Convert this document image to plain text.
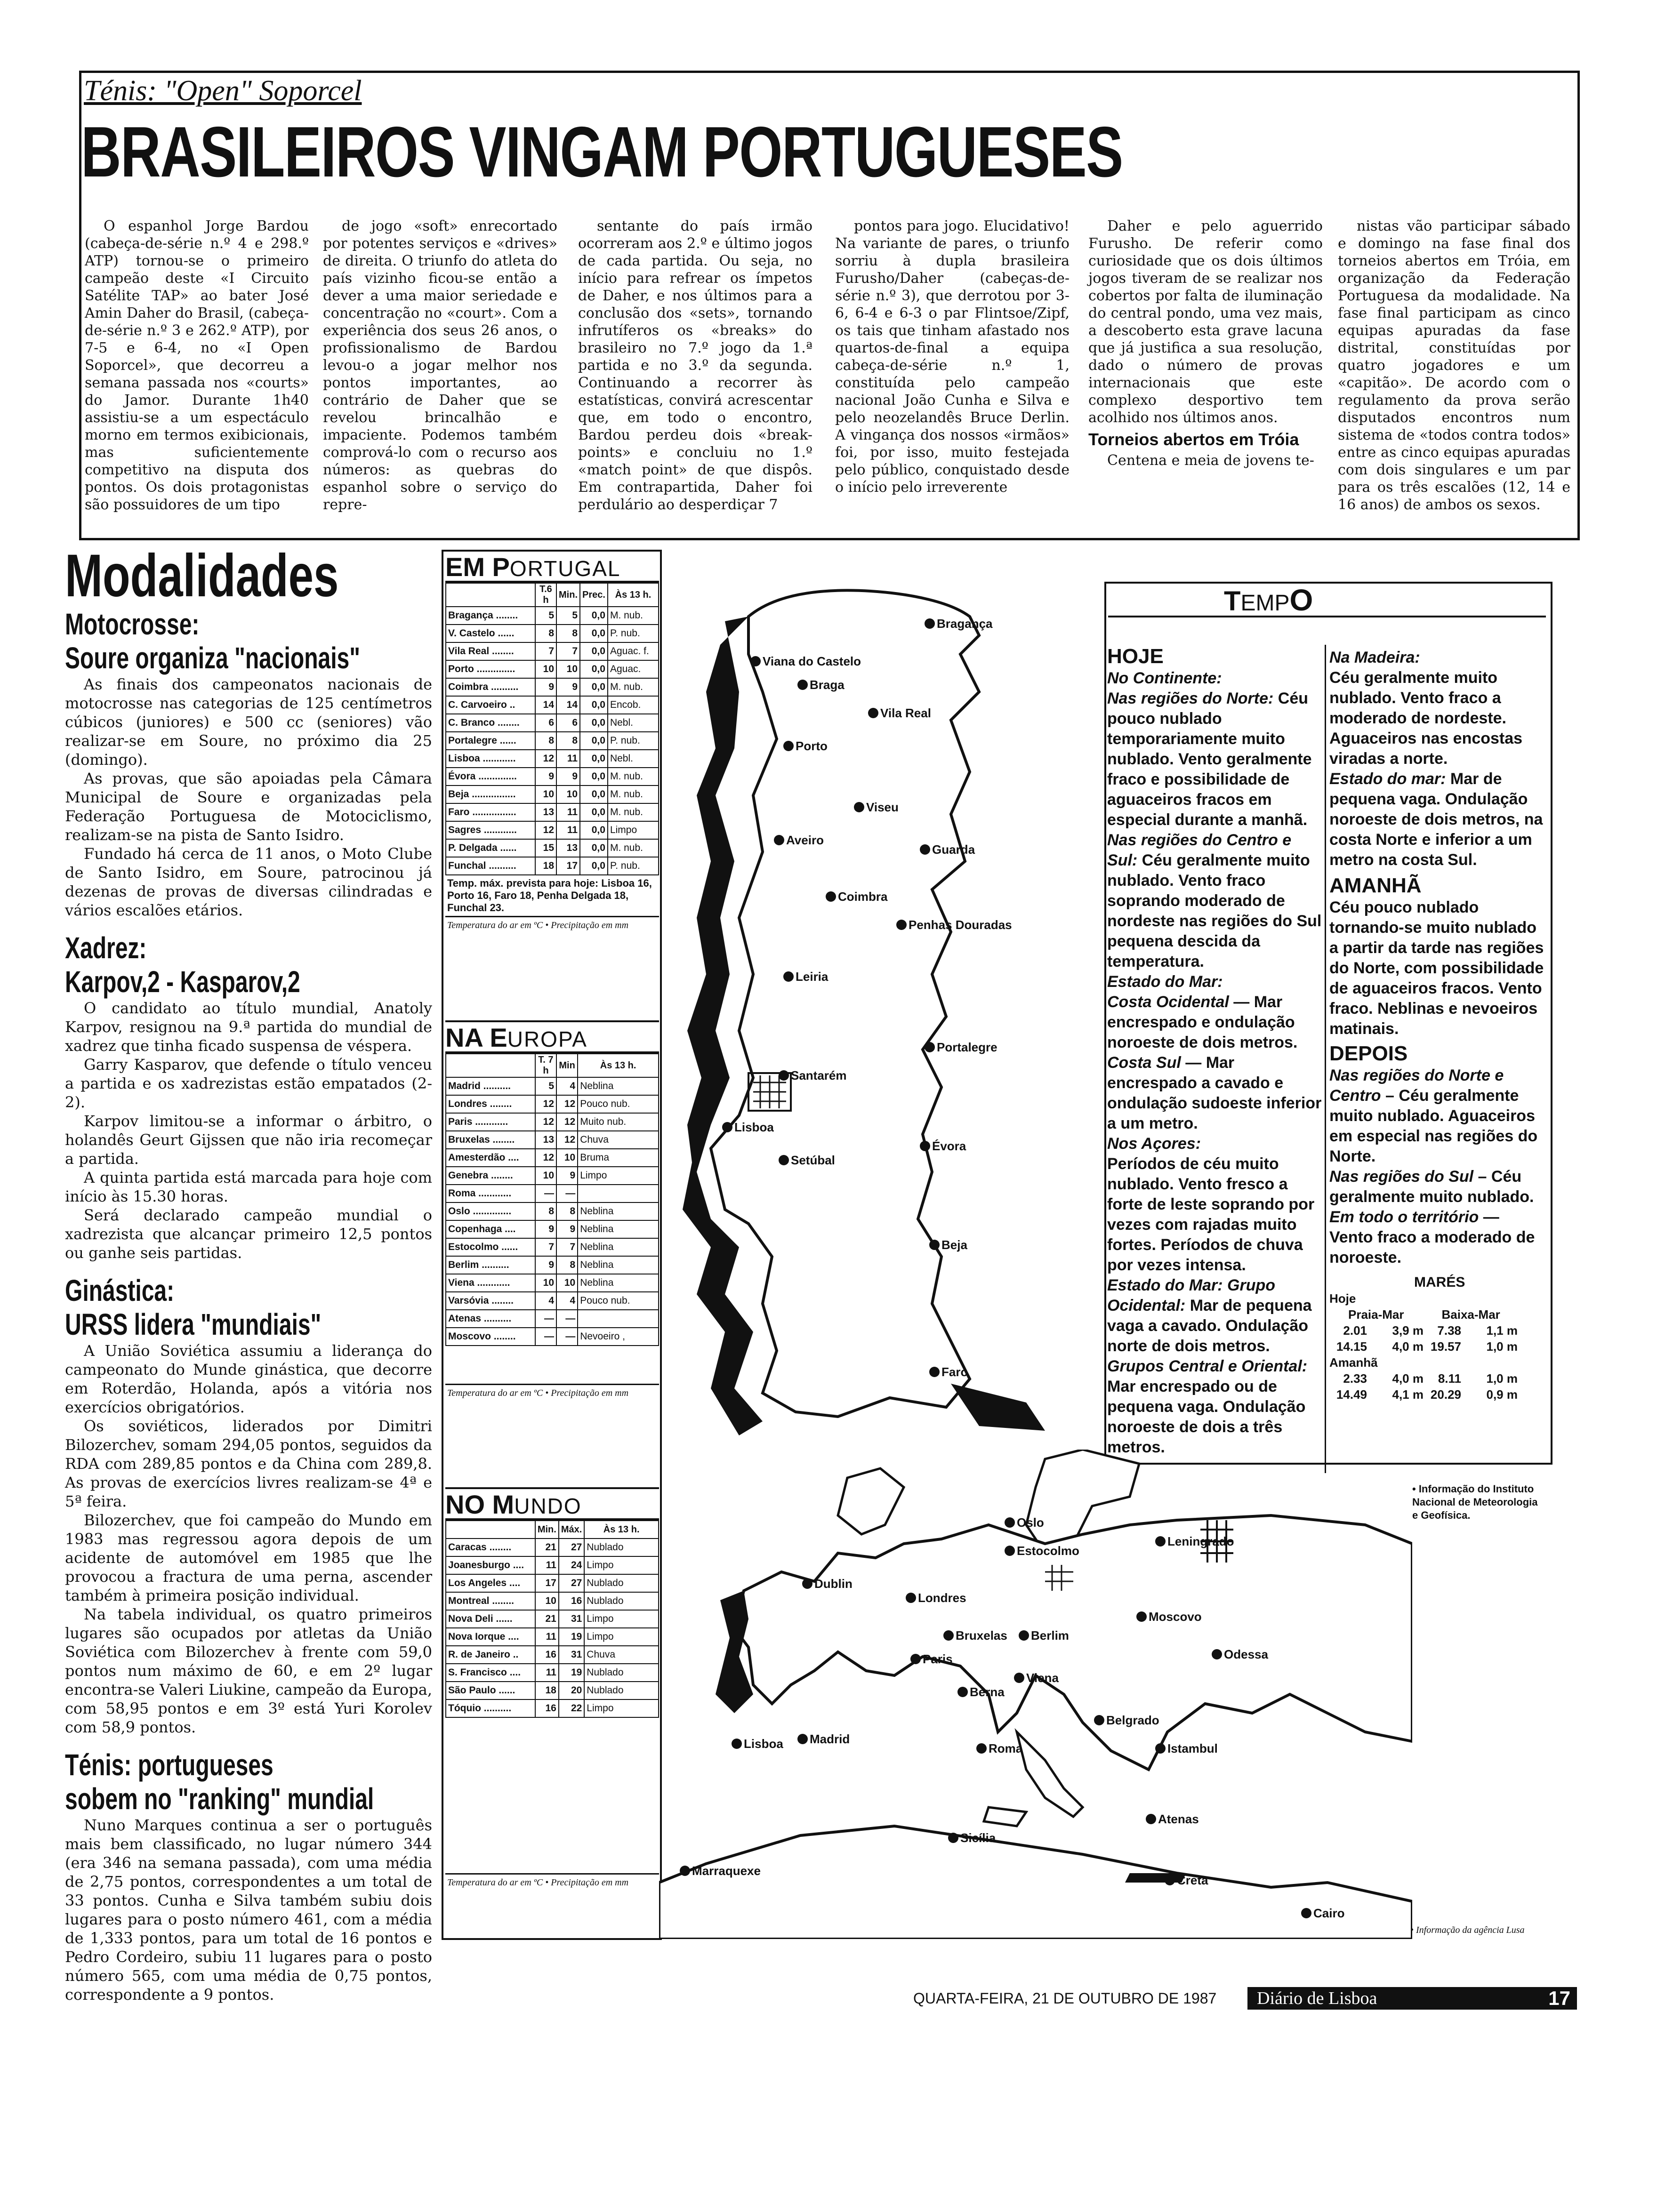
Ténis: "Open" Soporcel
BRASILEIROS VINGAM PORTUGUESES

O espanhol Jorge Bardou (cabeça-de-série n.º 4 e 298.º ATP) tornou-se o primeiro campeão deste «I Circuito Satélite TAP» ao bater José Amin Daher do Brasil, (cabeça-de-série n.º 3 e 262.º ATP), por 7-5 e 6-4, no «I Open Soporcel», que decorreu a semana passada nos «courts» do Jamor. Durante 1h40 assistiu-se a um espectáculo morno em termos exibicionais, mas suficientemente competitivo na disputa dos pontos. Os dois protagonistas são possuidores de um tipo

de jogo «soft» enrecortado por potentes serviços e «drives» de direita. O triunfo do atleta do país vizinho ficou-se então a dever a uma maior seriedade e concentração no «court». Com a experiência dos seus 26 anos, o profissionalismo de Bardou levou-o a jogar melhor nos pontos importantes, ao contrário de Daher que se revelou brincalhão e impaciente. Podemos também comprová-lo com o recurso aos números: as quebras do espanhol sobre o serviço do repre-

sentante do país irmão ocorreram aos 2.º e último jogos de cada partida. Ou seja, no início para refrear os ímpetos de Daher, e nos últimos para a conclusão dos «sets», tornando infrutíferos os «breaks» do brasileiro no 7.º jogo da 1.ª partida e no 3.º da segunda. Continuando a recorrer às estatísticas, convirá acrescentar que, em todo o encontro, Bardou perdeu dois «break-points» e concluiu no 1.º «match point» de que dispôs. Em contrapartida, Daher foi perdulário ao desperdiçar 7

pontos para jogo. Elucidativo! Na variante de pares, o triunfo sorriu à dupla brasileira Furusho/Daher (cabeças-de-série n.º 3), que derrotou por 3-6, 6-4 e 6-3 o par Flintsoe/Zipf, os tais que tinham afastado nos quartos-de-final a equipa cabeça-de-série n.º 1, constituída pelo campeão nacional João Cunha e Silva e pelo neozelandês Bruce Derlin. A vingança dos nossos «irmãos» foi, por isso, muito festejada pelo público, conquistado desde o início pelo irreverente

Daher e pelo aguerrido Furusho. De referir como curiosidade que os dois últimos jogos tiveram de se realizar nos cobertos por falta de iluminação do central pondo, uma vez mais, a descoberto esta grave lacuna que já justifica a sua resolução, dado o número de provas internacionais que este complexo desportivo tem acolhido nos últimos anos.

Torneios abertos em Tróia

Centena e meia de jovens te-

nistas vão participar sábado e domingo na fase final dos torneios abertos em Tróia, em organização da Federação Portuguesa da modalidade. Na fase final participam as cinco equipas apuradas da fase distrital, constituídas por quatro jogadores e um «capitão». De acordo com o regulamento da prova serão disputados encontros num sistema de «todos contra todos» entre as cinco equipas apuradas com dois singulares e um par para os três escalões (12, 14 e 16 anos) de ambos os sexos.

Modalidades
Motocrosse:
Soure organiza "nacionais"

As finais dos campeonatos nacionais de motocrosse nas categorias de 125 centímetros cúbicos (juniores) e 500 cc (seniores) vão realizar-se em Soure, no próximo dia 25 (domingo).

As provas, que são apoiadas pela Câmara Municipal de Soure e organizadas pela Federação Portuguesa de Motociclismo, realizam-se na pista de Santo Isidro.

Fundado há cerca de 11 anos, o Moto Clube de Santo Isidro, em Soure, patrocinou já dezenas de provas de diversas cilindradas e vários escalões etários.

Xadrez:
Karpov,2 - Kasparov,2

O candidato ao título mundial, Anatoly Karpov, resignou na 9.ª partida do mundial de xadrez que tinha ficado suspensa de véspera.

Garry Kasparov, que defende o título venceu a partida e os xadrezistas estão empatados (2-2).

Karpov limitou-se a informar o árbitro, o holandês Geurt Gijssen que não iria recomeçar a partida.

A quinta partida está marcada para hoje com início às 15.30 horas.

Será declarado campeão mundial o xadrezista que alcançar primeiro 12,5 pontos ou ganhe seis partidas.

Ginástica:
URSS lidera "mundiais"

A União Soviética assumiu a liderança do campeonato do Munde ginástica, que decorre em Roterdão, Holanda, após a vitória nos exercícios obrigatórios.

Os soviéticos, liderados por Dimitri Bilozerchev, somam 294,05 pontos, seguidos da RDA com 289,85 pontos e da China com 289,8. As provas de exercícios livres realizam-se 4ª e 5ª feira.

Bilozerchev, que foi campeão do Mundo em 1983 mas regressou agora depois de um acidente de automóvel em 1985 que lhe provocou a fractura de uma perna, ascender também à primeira posição individual.

Na tabela individual, os quatro primeiros lugares são ocupados por atletas da União Soviética com Bilozerchev à frente com 59,0 pontos num máximo de 60, e em 2º lugar encontra-se Valeri Liukine, campeão da Europa, com 58,95 pontos e em 3º está Yuri Korolev com 58,9 pontos.

Ténis: portugueses
sobem no "ranking" mundial

Nuno Marques continua a ser o português mais bem classificado, no lugar número 344 (era 346 na semana passada), com uma média de 2,75 pontos, correspondentes a um total de 33 pontos. Cunha e Silva também subiu dois lugares para o posto número 461, com a média de 1,333 pontos, para um total de 16 pontos e Pedro Cordeiro, subiu 11 lugares para o posto número 565, com uma média de 0,75 pontos, correspondente a 9 pontos.

EM PORTUGAL
	T.6 h	Min.	Prec.	Às 13 h.
Bragança ........	5	5	0,0	M. nub.
V. Castelo ......	8	8	0,0	P. nub.
Vila Real ........	7	7	0,0	Aguac. f.
Porto ..............	10	10	0,0	Aguac.
Coimbra ..........	9	9	0,0	M. nub.
C. Carvoeiro ..	14	14	0,0	Encob.
C. Branco ........	6	6	0,0	Nebl.
Portalegre ......	8	8	0,0	P. nub.
Lisboa ............	12	11	0,0	Nebl.
Évora ..............	9	9	0,0	M. nub.
Beja ................	10	10	0,0	M. nub.
Faro ................	13	11	0,0	M. nub.
Sagres ............	12	11	0,0	Limpo
P. Delgada ......	15	13	0,0	M. nub.
Funchal ..........	18	17	0,0	P. nub.
Temp. máx. prevista para hoje: Lisboa 16, Porto 16, Faro 18, Penha Delgada 18, Funchal 23.
Temperatura do ar em ºC • Precipitação em mm
NA EUROPA
	T. 7 h	Min	Às 13 h.
Madrid ..........	5	4	Neblina
Londres ........	12	12	Pouco nub.
Paris ............	12	12	Muito nub.
Bruxelas ........	13	12	Chuva
Amesterdão ....	12	10	Bruma
Genebra ........	10	9	Limpo
Roma ............	—	—	
Oslo ..............	8	8	Neblina
Copenhaga ....	9	9	Neblina
Estocolmo ......	7	7	Neblina
Berlim ..........	9	8	Neblina
Viena ............	10	10	Neblina
Varsóvia ........	4	4	Pouco nub.
Atenas ..........	—	—	
Moscovo ........	—	—	Nevoeiro ,
Temperatura do ar em ºC • Precipitação em mm
NO MUNDO
	Min.	Máx.	Às 13 h.
Caracas ........	21	27	Nublado
Joanesburgo ....	11	24	Limpo
Los Angeles ....	17	27	Nublado
Montreal ........	10	16	Nublado
Nova Deli ......	21	31	Limpo
Nova Iorque ....	11	19	Limpo
R. de Janeiro ..	16	31	Chuva
S. Francisco ....	11	19	Nublado
São Paulo ......	18	20	Nublado
Tóquio ..........	16	22	Limpo
Temperatura do ar em ºC • Precipitação em mm
Bragança
Viana do Castelo
Braga
Vila Real
Porto
Viseu
Aveiro
Guarda
Coimbra
Penhas Douradas
Leiria
Portalegre
Santarém
Lisboa
Évora
Setúbal
Beja
Faro
TEMPO
HOJE
No Continente:
Nas regiões do Norte: Céu pouco nublado temporariamente muito nublado. Vento geralmente fraco e possibilidade de aguaceiros fracos em especial durante a manhã.
Nas regiões do Centro e Sul: Céu geralmente muito nublado. Vento fraco soprando moderado de nordeste nas regiões do Sul pequena descida da temperatura.
Estado do Mar:
Costa Ocidental — Mar encrespado e ondulação noroeste de dois metros.
Costa Sul — Mar encrespado a cavado e ondulação sudoeste inferior a um metro.
Nos Açores:
Períodos de céu muito nublado. Vento fresco a forte de leste soprando por vezes com rajadas muito fortes. Períodos de chuva por vezes intensa.
Estado do Mar: Grupo Ocidental: Mar de pequena vaga a cavado. Ondulação norte de dois metros.
Grupos Central e Oriental: Mar encrespado ou de pequena vaga. Ondulação noroeste de dois a três metros.
Na Madeira:
Céu geralmente muito nublado. Vento fraco a moderado de nordeste. Aguaceiros nas encostas viradas a norte.
Estado do mar: Mar de pequena vaga. Ondulação noroeste de dois metros, na costa Norte e inferior a um metro na costa Sul.
AMANHÃ
Céu pouco nublado tornando-se muito nublado a partir da tarde nas regiões do Norte, com possibilidade de aguaceiros fracos. Vento fraco. Neblinas e nevoeiros matinais.
DEPOIS
Nas regiões do Norte e Centro – Céu geralmente muito nublado. Aguaceiros em especial nas regiões do Norte.
Nas regiões do Sul – Céu geralmente muito nublado.
Em todo o território — Vento fraco a moderado de noroeste.
MARÉS
Hoje
Praia-Mar	Baixa-Mar
2.01	3,9 m	7.38	1,1 m
14.15	4,0 m 19.57	1,0 m
Amanhã
2.33	4,0 m	8.11	1,0 m
14.49	4,1 m 20.29	0,9 m
• Informação do Instituto Nacional de Meteorologia e Geofísica.
Oslo
Estocolmo
Leningrado
Dublin
Londres
Moscovo
Bruxelas Berlim
Paris
Viena
Odessa
Berna
Belgrado
Lisboa Madrid
Roma	Istambul
Atenas
Sicília
Marraquexe
Creta
Cairo
• Informação da agência Lusa
QUARTA-FEIRA, 21 DE OUTUBRO DE 1987 Diário de Lisboa	17
